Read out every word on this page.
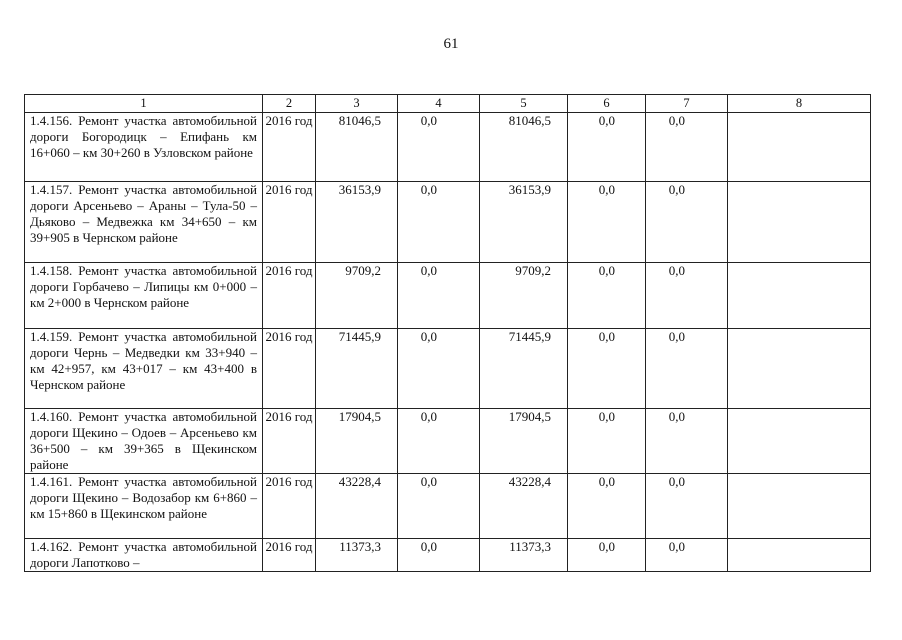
61
1	2	3	4	5	6	7	8
1.4.156. Ремонт участка автомобильной дороги Богородицк – Епифань км 16+060 – км 30+260 в Узловском районе	2016 год	81046,5	0,0	81046,5	0,0	0,0	
1.4.157. Ремонт участка автомобильной дороги Арсеньево – Араны – Тула-50 – Дьяково – Медвежка км 34+650 – км 39+905 в Чернском районе	2016 год	36153,9	0,0	36153,9	0,0	0,0	
1.4.158. Ремонт участка автомобильной дороги Горбачево – Липицы км 0+000 – км 2+000 в Чернском районе	2016 год	9709,2	0,0	9709,2	0,0	0,0	
1.4.159. Ремонт участка автомобильной дороги Чернь – Медведки км 33+940 – км 42+957, км 43+017 – км 43+400 в Чернском районе	2016 год	71445,9	0,0	71445,9	0,0	0,0	
1.4.160. Ремонт участка автомобильной дороги Щекино – Одоев – Арсеньево км 36+500 – км 39+365 в Щекинском районе	2016 год	17904,5	0,0	17904,5	0,0	0,0	
1.4.161. Ремонт участка автомобильной дороги Щекино – Водозабор км 6+860 –км 15+860 в Щекинском районе	2016 год	43228,4	0,0	43228,4	0,0	0,0	
1.4.162. Ремонт участка автомобильной дороги Лапотково –	2016 год	11373,3	0,0	11373,3	0,0	0,0	
